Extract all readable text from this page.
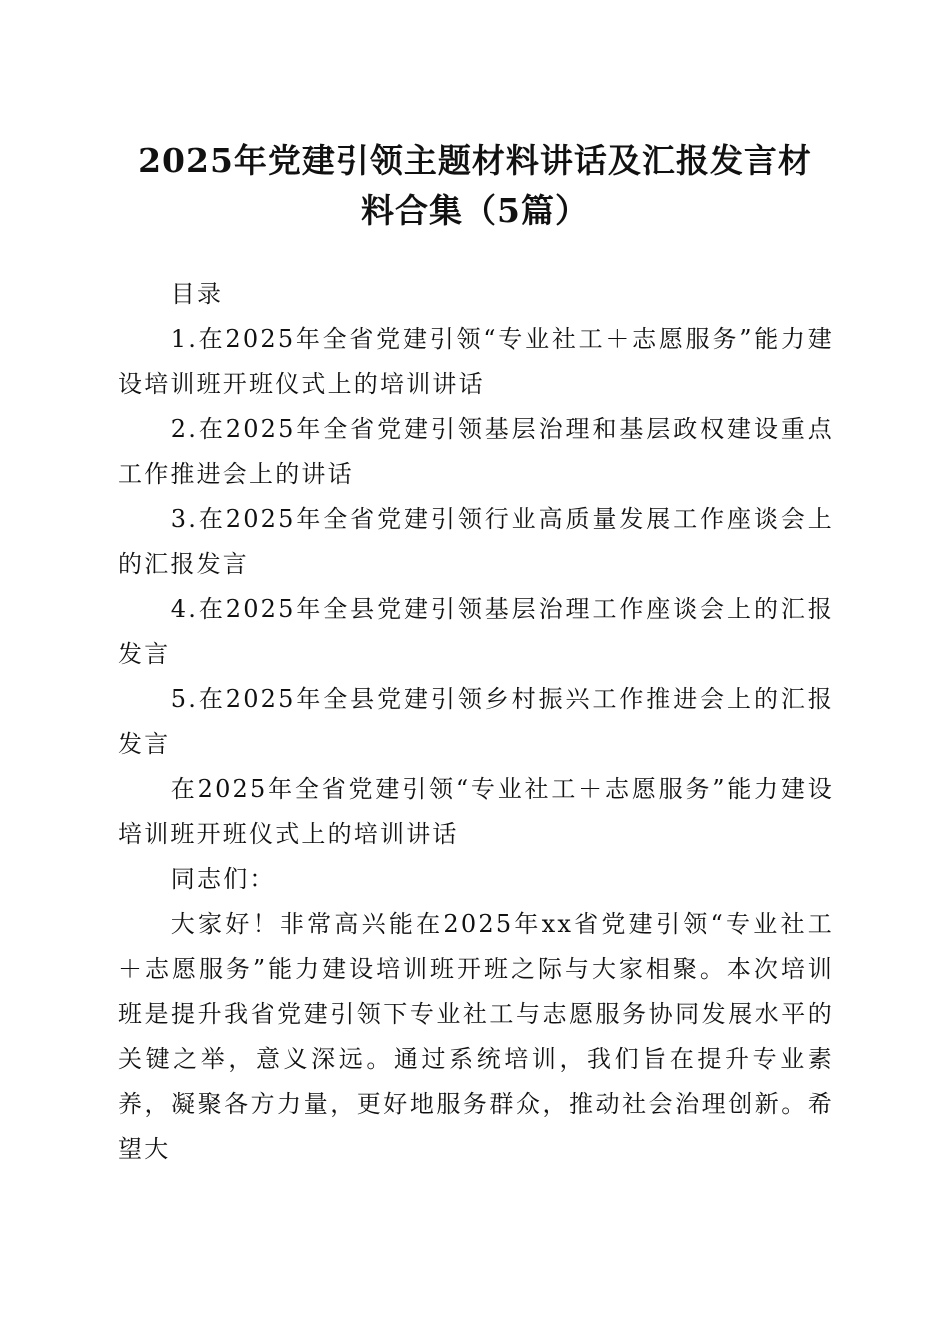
2025年党建引领主题材料讲话及汇报发言材
料合集（5篇）

目录

1.在2025年全省党建引领“专业社工＋志愿服务”能力建设培训班开班仪式上的培训讲话

2.在2025年全省党建引领基层治理和基层政权建设重点工作推进会上的讲话

3.在2025年全省党建引领行业高质量发展工作座谈会上的汇报发言

4.在2025年全县党建引领基层治理工作座谈会上的汇报发言

5.在2025年全县党建引领乡村振兴工作推进会上的汇报发言

在2025年全省党建引领“专业社工＋志愿服务”能力建设培训班开班仪式上的培训讲话

同志们：

大家好！非常高兴能在2025年xx省党建引领“专业社工＋志愿服务”能力建设培训班开班之际与大家相聚。本次培训班是提升我省党建引领下专业社工与志愿服务协同发展水平的关键之举，意义深远。通过系统培训，我们旨在提升专业素养，凝聚各方力量，更好地服务群众，推动社会治理创新。希望大
